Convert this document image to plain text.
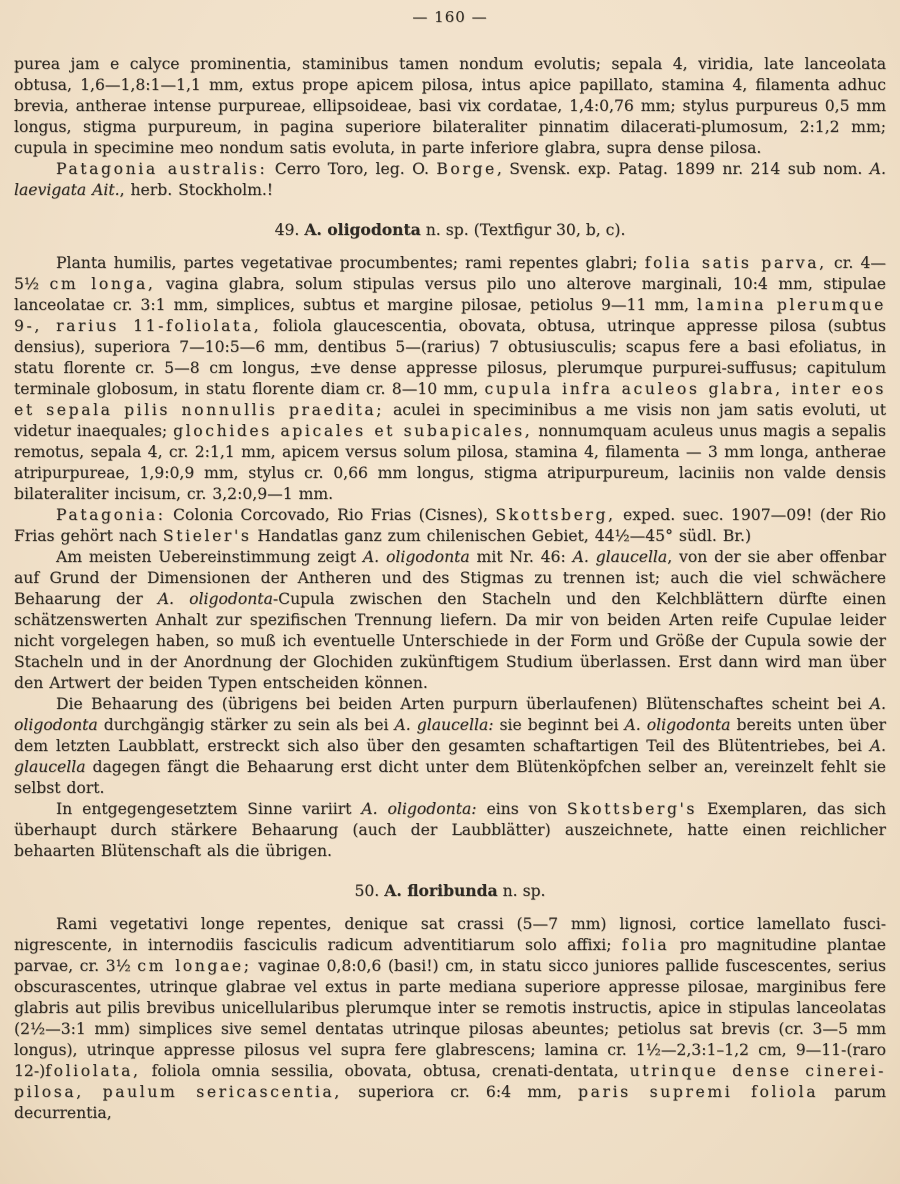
— 160 —
purea jam e calyce prominentia, staminibus tamen nondum evolutis; sepala 4, viridia, late lanceolata obtusa, 1,6—1,8:1—1,1 mm, extus prope apicem pilosa, intus apice papillato, stamina 4, filamenta adhuc brevia, antherae intense purpureae, ellipsoideae, basi vix cordatae, 1,4:0,76 mm; stylus purpureus 0,5 mm longus, stigma purpureum, in pagina superiore bilateraliter pinnatim dilacerati-plumosum, 2:1,2 mm; cupula in specimine meo nondum satis evoluta, in parte inferiore glabra, supra dense pilosa.
Patagonia australis: Cerro Toro, leg. O. Borge, Svensk. exp. Patag. 1899 nr. 214 sub nom. A. laevigata Ait., herb. Stockholm.!
49. A. oligodonta n. sp. (Textfigur 30, b, c).
Planta humilis, partes vegetativae procumbentes; rami repentes glabri; folia satis parva, cr. 4—5½ cm longa, vagina glabra, solum stipulas versus pilo uno alterove marginali, 10:4 mm, stipulae lanceolatae cr. 3:1 mm, simplices, subtus et margine pilosae, petiolus 9—11 mm, lamina plerumque 9-, rarius 11-foliolata, foliola glaucescentia, obovata, obtusa, utrinque appresse pilosa (subtus densius), superiora 7—10:5—6 mm, dentibus 5—(rarius) 7 obtusiusculis; scapus fere a basi efoliatus, in statu florente cr. 5—8 cm longus, ±ve dense appresse pilosus, plerumque purpurei-suffusus; capitulum terminale globosum, in statu florente diam cr. 8—10 mm, cupula infra aculeos glabra, inter eos et sepala pilis nonnullis praedita; aculei in speciminibus a me visis non jam satis evoluti, ut videtur inaequales; glochides apicales et subapicales, nonnumquam aculeus unus magis a sepalis remotus, sepala 4, cr. 2:1,1 mm, apicem versus solum pilosa, stamina 4, filamenta — 3 mm longa, antherae atripurpureae, 1,9:0,9 mm, stylus cr. 0,66 mm longus, stigma atripurpureum, laciniis non valde densis bilateraliter incisum, cr. 3,2:0,9—1 mm.
Patagonia: Colonia Corcovado, Rio Frias (Cisnes), Skottsberg, exped. suec. 1907—09! (der Rio Frias gehört nach Stieler's Handatlas ganz zum chilenischen Gebiet, 44½—45° südl. Br.)
Am meisten Uebereinstimmung zeigt A. oligodonta mit Nr. 46: A. glaucella, von der sie aber offenbar auf Grund der Dimensionen der Antheren und des Stigmas zu trennen ist; auch die viel schwächere Behaarung der A. oligodonta-Cupula zwischen den Stacheln und den Kelchblättern dürfte einen schätzenswerten Anhalt zur spezifischen Trennung liefern. Da mir von beiden Arten reife Cupulae leider nicht vorgelegen haben, so muß ich eventuelle Unterschiede in der Form und Größe der Cupula sowie der Stacheln und in der Anordnung der Glochiden zukünftigem Studium überlassen. Erst dann wird man über den Artwert der beiden Typen entscheiden können.
Die Behaarung des (übrigens bei beiden Arten purpurn überlaufenen) Blütenschaftes scheint bei A. oligodonta durchgängig stärker zu sein als bei A. glaucella: sie beginnt bei A. oligodonta bereits unten über dem letzten Laubblatt, erstreckt sich also über den gesamten schaftartigen Teil des Blütentriebes, bei A. glaucella dagegen fängt die Behaarung erst dicht unter dem Blütenköpfchen selber an, vereinzelt fehlt sie selbst dort.
In entgegengesetztem Sinne variirt A. oligodonta: eins von Skottsberg's Exemplaren, das sich überhaupt durch stärkere Behaarung (auch der Laubblätter) auszeichnete, hatte einen reichlicher behaarten Blütenschaft als die übrigen.
50. A. floribunda n. sp.
Rami vegetativi longe repentes, denique sat crassi (5—7 mm) lignosi, cortice lamellato fusci-nigrescente, in internodiis fasciculis radicum adventitiarum solo affixi; folia pro magnitudine plantae parvae, cr. 3½ cm longae; vaginae 0,8:0,6 (basi!) cm, in statu sicco juniores pallide fuscescentes, serius obscurascentes, utrinque glabrae vel extus in parte mediana superiore appresse pilosae, marginibus fere glabris aut pilis brevibus unicellularibus plerumque inter se remotis instructis, apice in stipulas lanceolatas (2½—3:1 mm) simplices sive semel dentatas utrinque pilosas abeuntes; petiolus sat brevis (cr. 3—5 mm longus), utrinque appresse pilosus vel supra fere glabrescens; lamina cr. 1½—2,3:1–1,2 cm, 9—11-(raro 12-)foliolata, foliola omnia sessilia, obovata, obtusa, crenati-dentata, utrinque dense cinerei-pilosa, paulum sericascentia, superiora cr. 6:4 mm, paris supremi foliola parum decurrentia,
